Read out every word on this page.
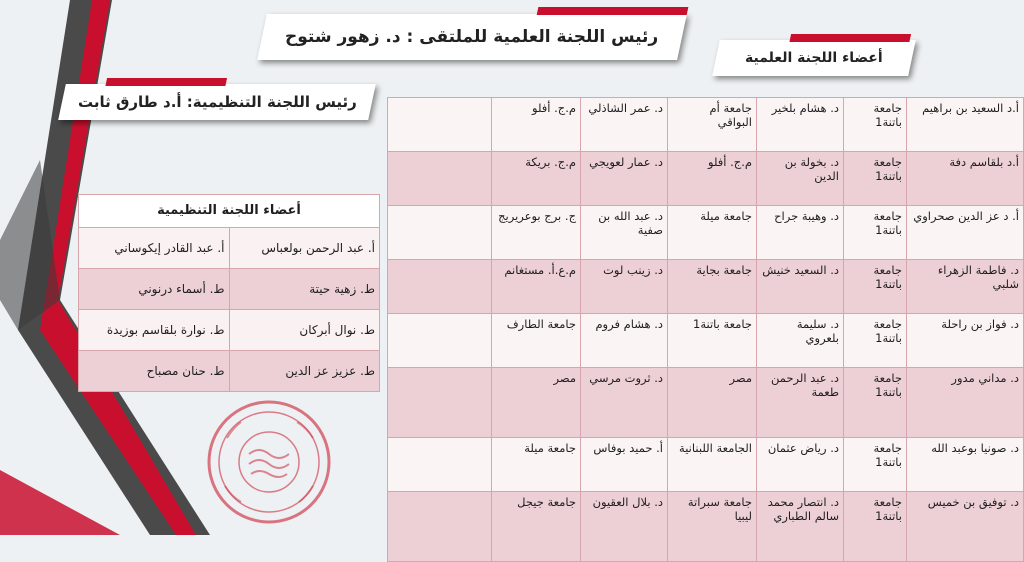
رئيس اللجنة العلمية للملتقى : د. زهور شتوح
أعضاء اللجنة العلمية
رئيس اللجنة التنظيمية: أ.د طارق ثابت	أ.د السعيد بن براهيم	جامعة باتنة1	د. هشام بلخير	جامعة أم البواقي	د. عمر الشاذلي	م.ج. أفلو	
أ.د بلقاسم دفة	جامعة باتنة1	د. بخولة بن الدين	م.ج. أفلو	د. عمار لعويجي	م.ج. بريكة	
أ. د عز الدين صحراوي	جامعة باتنة1	د. وهيبة جراح	جامعة ميلة	د. عبد الله بن صفية	ج. برج بوعريريج	
د. فاطمة الزهراء شلبي	جامعة باتنة1	د. السعيد خنيش	جامعة بجاية	د. زينب لوت	م.ع.أ. مستغانم	
د. فواز بن راحلة	جامعة باتنة1	د. سليمة بلعروي	جامعة باتنة1	د. هشام فروم	جامعة الطارف	
د. مداني مدور	جامعة باتنة1	د. عبد الرحمن طعمة	مصر	د. ثروت مرسي	مصر	
د. صونيا بوعبد الله	جامعة باتنة1	د. رياض عثمان	الجامعة اللبنانية	أ. حميد بوفاس	جامعة ميلة	
د. توفيق بن خميس	جامعة باتنة1	د. انتصار محمد سالم الطباري	جامعة سبراتة ليبيا	د. بلال العقيون	جامعة جيجل	
أعضاء اللجنة التنظيمية	
أ. عبد الرحمن بولعباس	أ. عبد القادر إيكوساني
ط. زهية حيتة	ط. أسماء درنوني
ط. نوال أبركان	ط. نوارة بلقاسم بوزيدة
ط. عزيز عز الدين	ط. حنان مصباح
